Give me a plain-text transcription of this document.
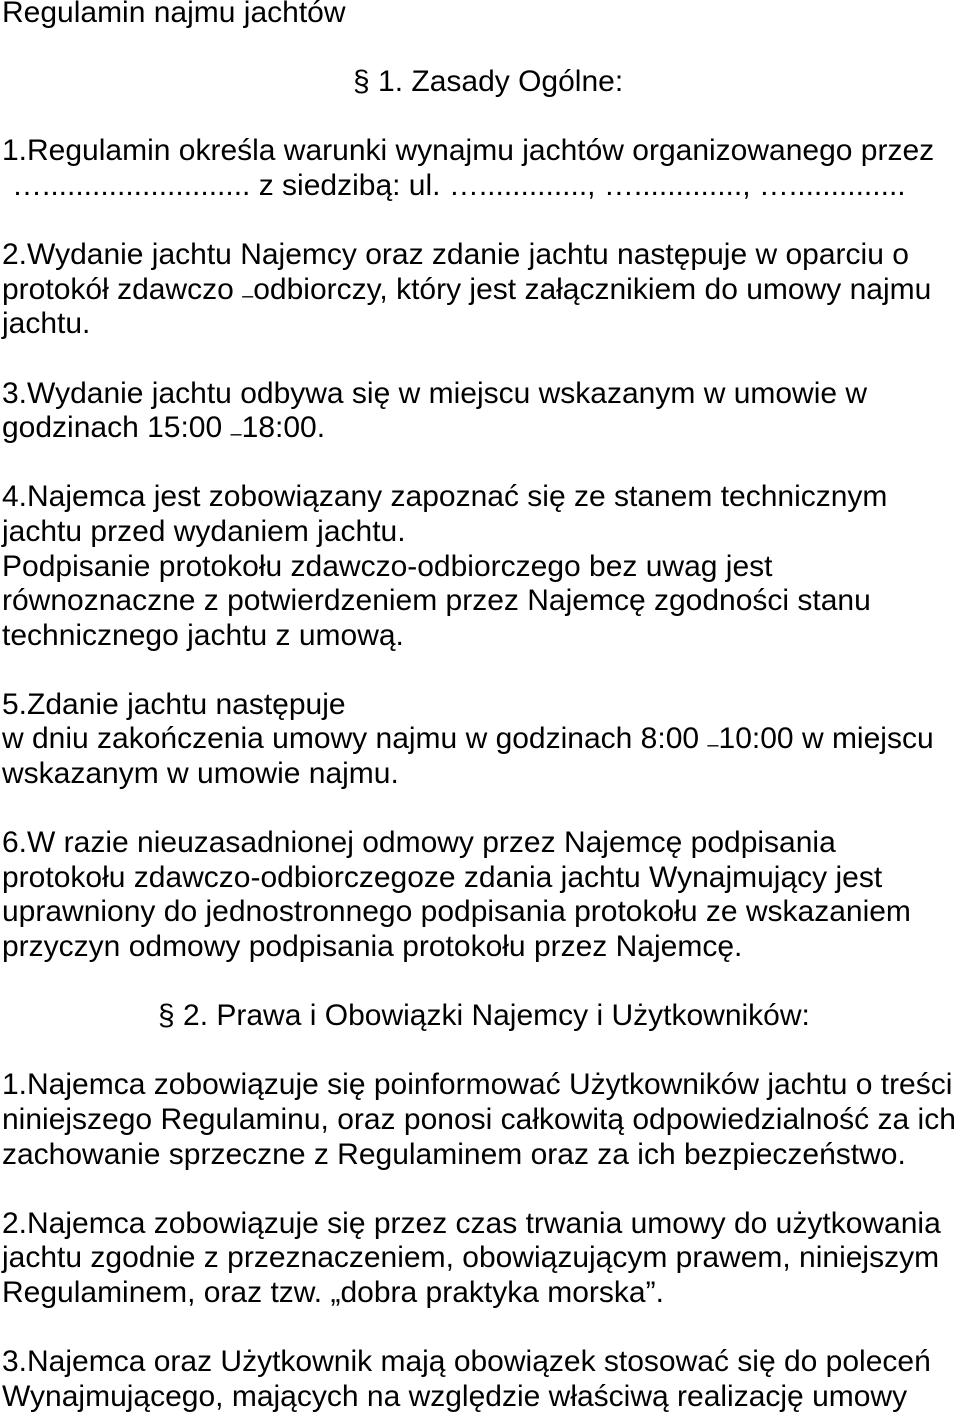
Regulamin najmu jachtów
§ 1. Zasady Ogólne:
1.Regulamin określa warunki wynajmu jachtów organizowanego przez
…......................... z siedzibą: ul. …............., …............., …..............
2.Wydanie jachtu Najemcy oraz zdanie jachtu następuje w oparciu o
protokół zdawczo –odbiorczy, który jest załącznikiem do umowy najmu
jachtu.
3.Wydanie jachtu odbywa się w miejscu wskazanym w umowie w
godzinach 15:00 –18:00.
4.Najemca jest zobowiązany zapoznać się ze stanem technicznym
jachtu przed wydaniem jachtu.
Podpisanie protokołu zdawczo-odbiorczego bez uwag jest
równoznaczne z potwierdzeniem przez Najemcę zgodności stanu
technicznego jachtu z umową.
5.Zdanie jachtu następuje
w dniu zakończenia umowy najmu w godzinach 8:00 –10:00 w miejscu
wskazanym w umowie najmu.
6.W razie nieuzasadnionej odmowy przez Najemcę podpisania
protokołu zdawczo-odbiorczegoze zdania jachtu Wynajmujący jest
uprawniony do jednostronnego podpisania protokołu ze wskazaniem
przyczyn odmowy podpisania protokołu przez Najemcę.
§ 2. Prawa i Obowiązki Najemcy i Użytkowników:
1.Najemca zobowiązuje się poinformować Użytkowników jachtu o treści
niniejszego Regulaminu, oraz ponosi całkowitą odpowiedzialność za ich
zachowanie sprzeczne z Regulaminem oraz za ich bezpieczeństwo.
2.Najemca zobowiązuje się przez czas trwania umowy do użytkowania
jachtu zgodnie z przeznaczeniem, obowiązującym prawem, niniejszym
Regulaminem, oraz tzw. „dobra praktyka morska”.
3.Najemca oraz Użytkownik mają obowiązek stosować się do poleceń
Wynajmującego, mających na względzie właściwą realizację umowy
